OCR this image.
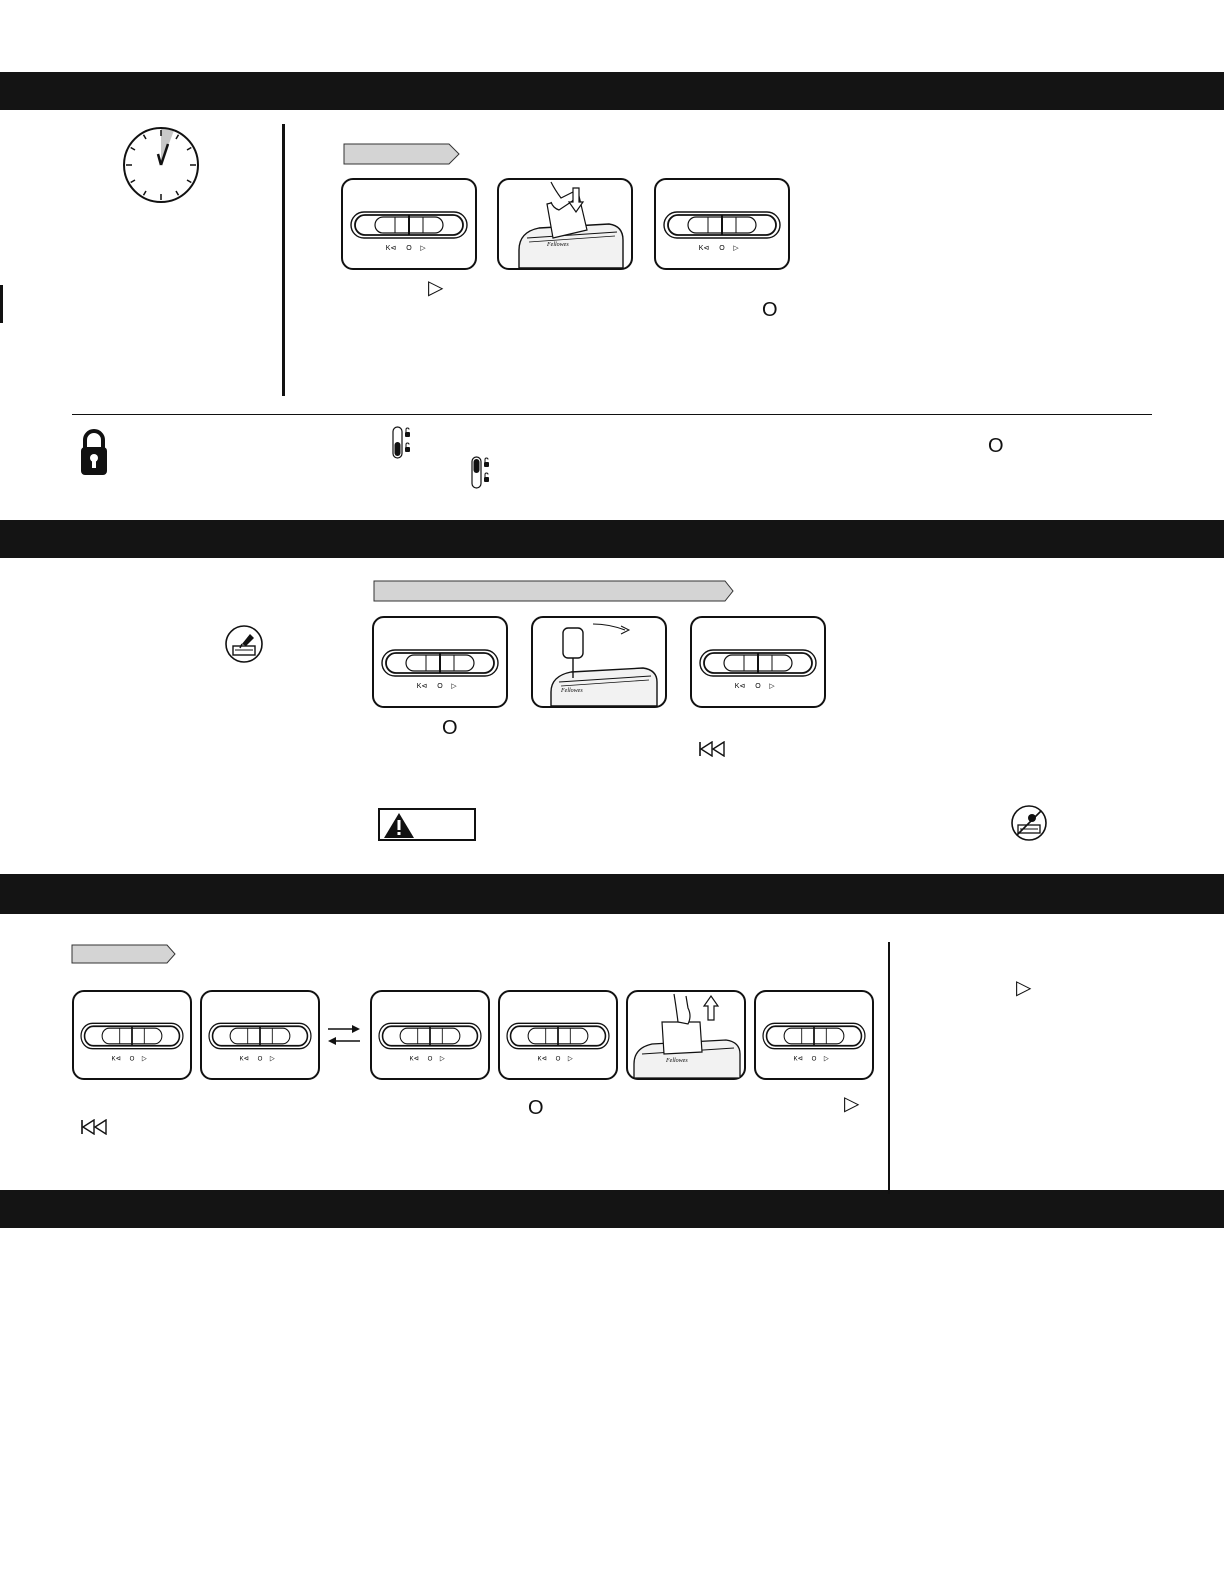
K⊲ O ▷	Fellowes	K⊲ O ▷
▷
O
O
K⊲ O ▷
Fellowes
K⊲ O ▷
O
K⊲ O ▷	K⊲ O ▷	K⊲ O ▷	K⊲ O ▷	Fellowes	K⊲ O ▷
O	▷
▷
